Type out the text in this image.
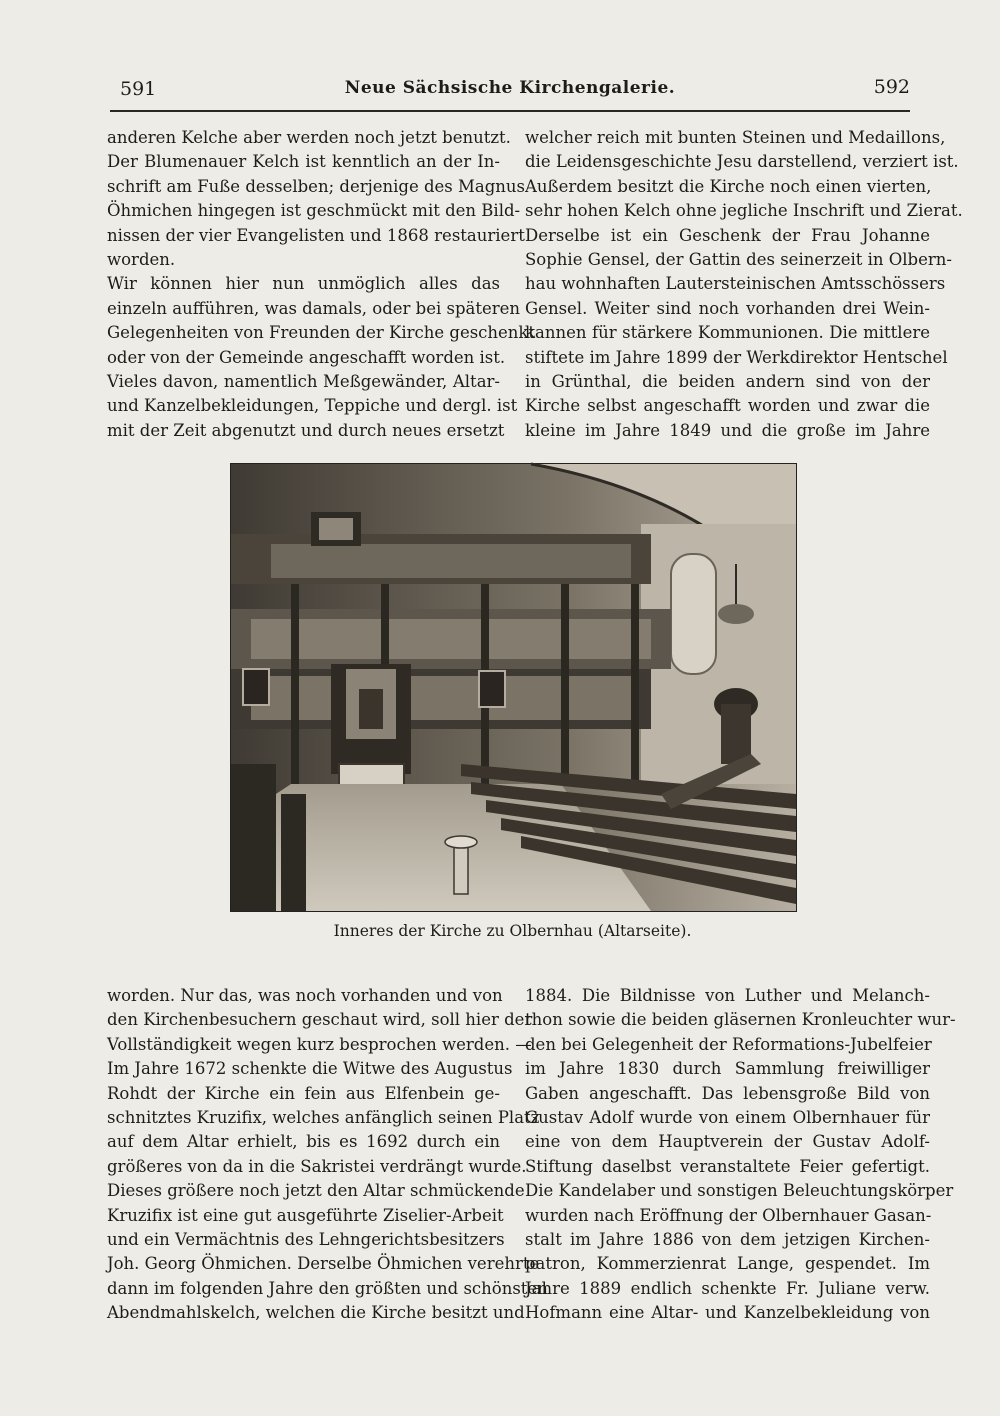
591	Neue Sächsische Kirchengalerie.	592
anderen Kelche aber werden noch jetzt benutzt.
Der Blumenauer Kelch ist kenntlich an der In-
schrift am Fuße desselben; derjenige des Magnus
Öhmichen hingegen ist geschmückt mit den Bild-
nissen der vier Evangelisten und 1868 restauriert
worden.
Wir können hier nun unmöglich alles das
einzeln aufführen, was damals, oder bei späteren
Gelegenheiten von Freunden der Kirche geschenkt
oder von der Gemeinde angeschafft worden ist.
Vieles davon, namentlich Meßgewänder, Altar-
und Kanzelbekleidungen, Teppiche und dergl. ist
mit der Zeit abgenutzt und durch neues ersetzt
welcher reich mit bunten Steinen und Medaillons,
die Leidensgeschichte Jesu darstellend, verziert ist.
Außerdem besitzt die Kirche noch einen vierten,
sehr hohen Kelch ohne jegliche Inschrift und Zierat.
Derselbe ist ein Geschenk der Frau Johanne
Sophie Gensel, der Gattin des seinerzeit in Olbern-
hau wohnhaften Lautersteinischen Amtsschössers
Gensel. Weiter sind noch vorhanden drei Wein-
kannen für stärkere Kommunionen. Die mittlere
stiftete im Jahre 1899 der Werkdirektor Hentschel
in Grünthal, die beiden andern sind von der
Kirche selbst angeschafft worden und zwar die
kleine im Jahre 1849 und die große im Jahre
Inneres der Kirche zu Olbernhau (Altarseite).
worden. Nur das, was noch vorhanden und von
den Kirchenbesuchern geschaut wird, soll hier der
Vollständigkeit wegen kurz besprochen werden. —
Im Jahre 1672 schenkte die Witwe des Augustus
Rohdt der Kirche ein fein aus Elfenbein ge-
schnitztes Kruzifix, welches anfänglich seinen Platz
auf dem Altar erhielt, bis es 1692 durch ein
größeres von da in die Sakristei verdrängt wurde.
Dieses größere noch jetzt den Altar schmückende
Kruzifix ist eine gut ausgeführte Ziselier-Arbeit
und ein Vermächtnis des Lehngerichtsbesitzers
Joh. Georg Öhmichen. Derselbe Öhmichen verehrte
dann im folgenden Jahre den größten und schönsten
Abendmahlskelch, welchen die Kirche besitzt und
1884. Die Bildnisse von Luther und Melanch-
thon sowie die beiden gläsernen Kronleuchter wur-
den bei Gelegenheit der Reformations-Jubelfeier
im Jahre 1830 durch Sammlung freiwilliger
Gaben angeschafft. Das lebensgroße Bild von
Gustav Adolf wurde von einem Olbernhauer für
eine von dem Hauptverein der Gustav Adolf-
Stiftung daselbst veranstaltete Feier gefertigt.
Die Kandelaber und sonstigen Beleuchtungskörper
wurden nach Eröffnung der Olbernhauer Gasan-
stalt im Jahre 1886 von dem jetzigen Kirchen-
patron, Kommerzienrat Lange, gespendet. Im
Jahre 1889 endlich schenkte Fr. Juliane verw.
Hofmann eine Altar- und Kanzelbekleidung von
